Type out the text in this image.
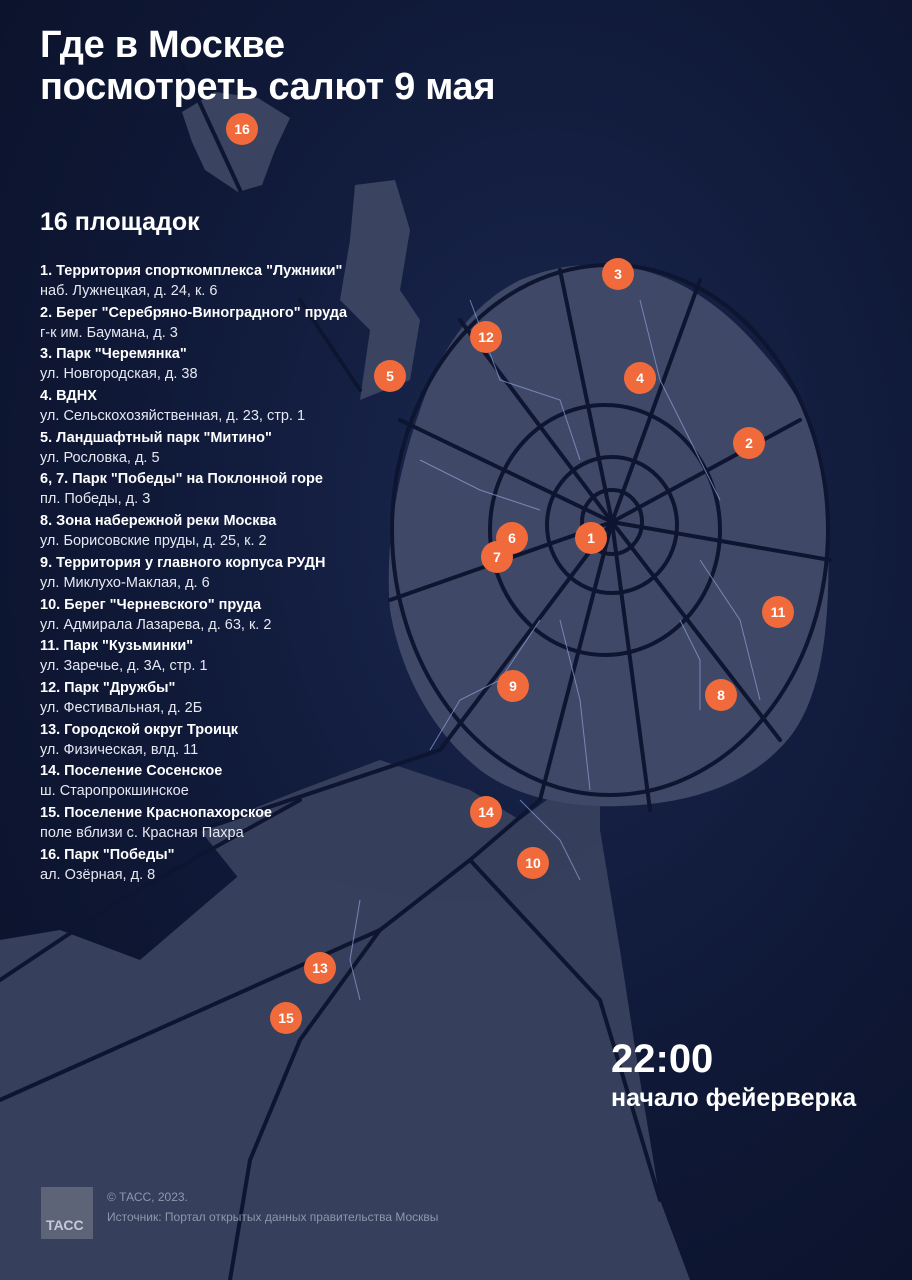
1
2
3
4
5
6
7
8
9
10
11
12
13
14
15
16
Где в Москве
посмотреть салют 9 мая
16 площадок
1. Территория спорткомплекса "Лужники"
наб. Лужнецкая, д. 24, к. 6
2. Берег "Серебряно-Виноградного" пруда
г-к им. Баумана, д. 3
3. Парк "Черемянка"
ул. Новгородская, д. 38
4. ВДНХ
ул. Сельскохозяйственная, д. 23, стр. 1
5. Ландшафтный парк "Митино"
ул. Рословка, д. 5
6, 7. Парк "Победы" на Поклонной горе
пл. Победы, д. 3
8. Зона набережной реки Москва
ул. Борисовские пруды, д. 25, к. 2
9. Территория у главного корпуса РУДН
ул. Миклухо-Маклая, д. 6
10. Берег "Черневского" пруда
ул. Адмирала Лазарева, д. 63, к. 2
11. Парк "Кузьминки"
ул. Заречье, д. 3А, стр. 1
12. Парк "Дружбы"
ул. Фестивальная, д. 2Б
13. Городской округ Троицк
ул. Физическая, влд. 11
14. Поселение Сосенское
ш. Старопрокшинское
15. Поселение Краснопахорское
поле вблизи с. Красная Пахра
16. Парк "Победы"
ал. Озёрная, д. 8
22:00
начало фейерверка
ТАСС
© ТАСС, 2023.
Источник: Портал открытых данных правительства Москвы
